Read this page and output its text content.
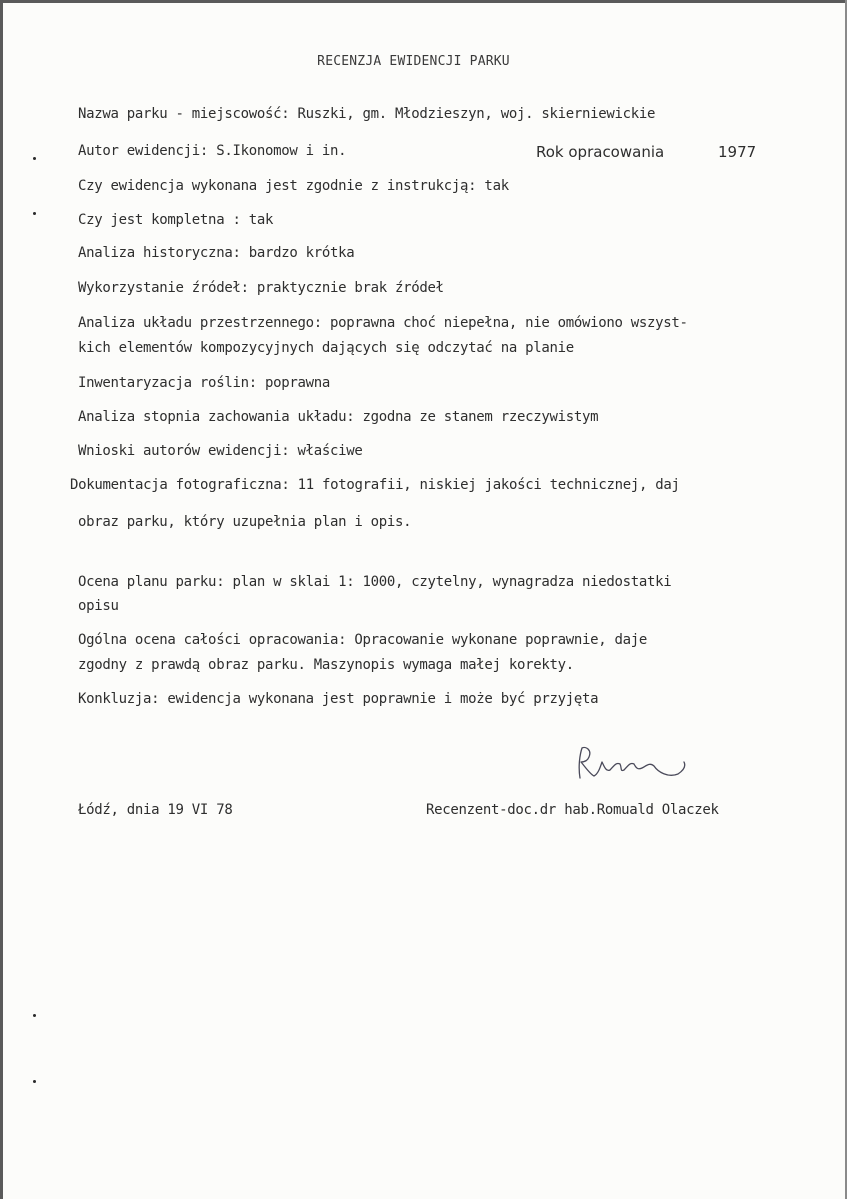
RECENZJA EWIDENCJI PARKU
Nazwa parku - miejscowość: Ruszki, gm. Młodzieszyn, woj. skierniewickie
Autor ewidencji: S.Ikonomow i in.	Rok opracowania	1977
Czy ewidencja wykonana jest zgodnie z instrukcją: tak
Czy jest kompletna : tak
Analiza historyczna: bardzo krótka
Wykorzystanie źródeł: praktycznie brak źródeł
Analiza układu przestrzennego: poprawna choć niepełna, nie omówiono wszyst-
kich elementów kompozycyjnych dających się odczytać na planie
Inwentaryzacja roślin: poprawna
Analiza stopnia zachowania układu: zgodna ze stanem rzeczywistym
Wnioski autorów ewidencji: właściwe
Dokumentacja fotograficzna: 11 fotografii, niskiej jakości technicznej, daj
obraz parku, który uzupełnia plan i opis.
Ocena planu parku: plan w sklai 1: 1000, czytelny, wynagradza niedostatki
opisu
Ogólna ocena całości opracowania: Opracowanie wykonane poprawnie, daje
zgodny z prawdą obraz parku. Maszynopis wymaga małej korekty.
Konkluzja: ewidencja wykonana jest poprawnie i może być przyjęta
Łódź, dnia 19 VI 78	Recenzent-doc.dr hab.Romuald Olaczek
